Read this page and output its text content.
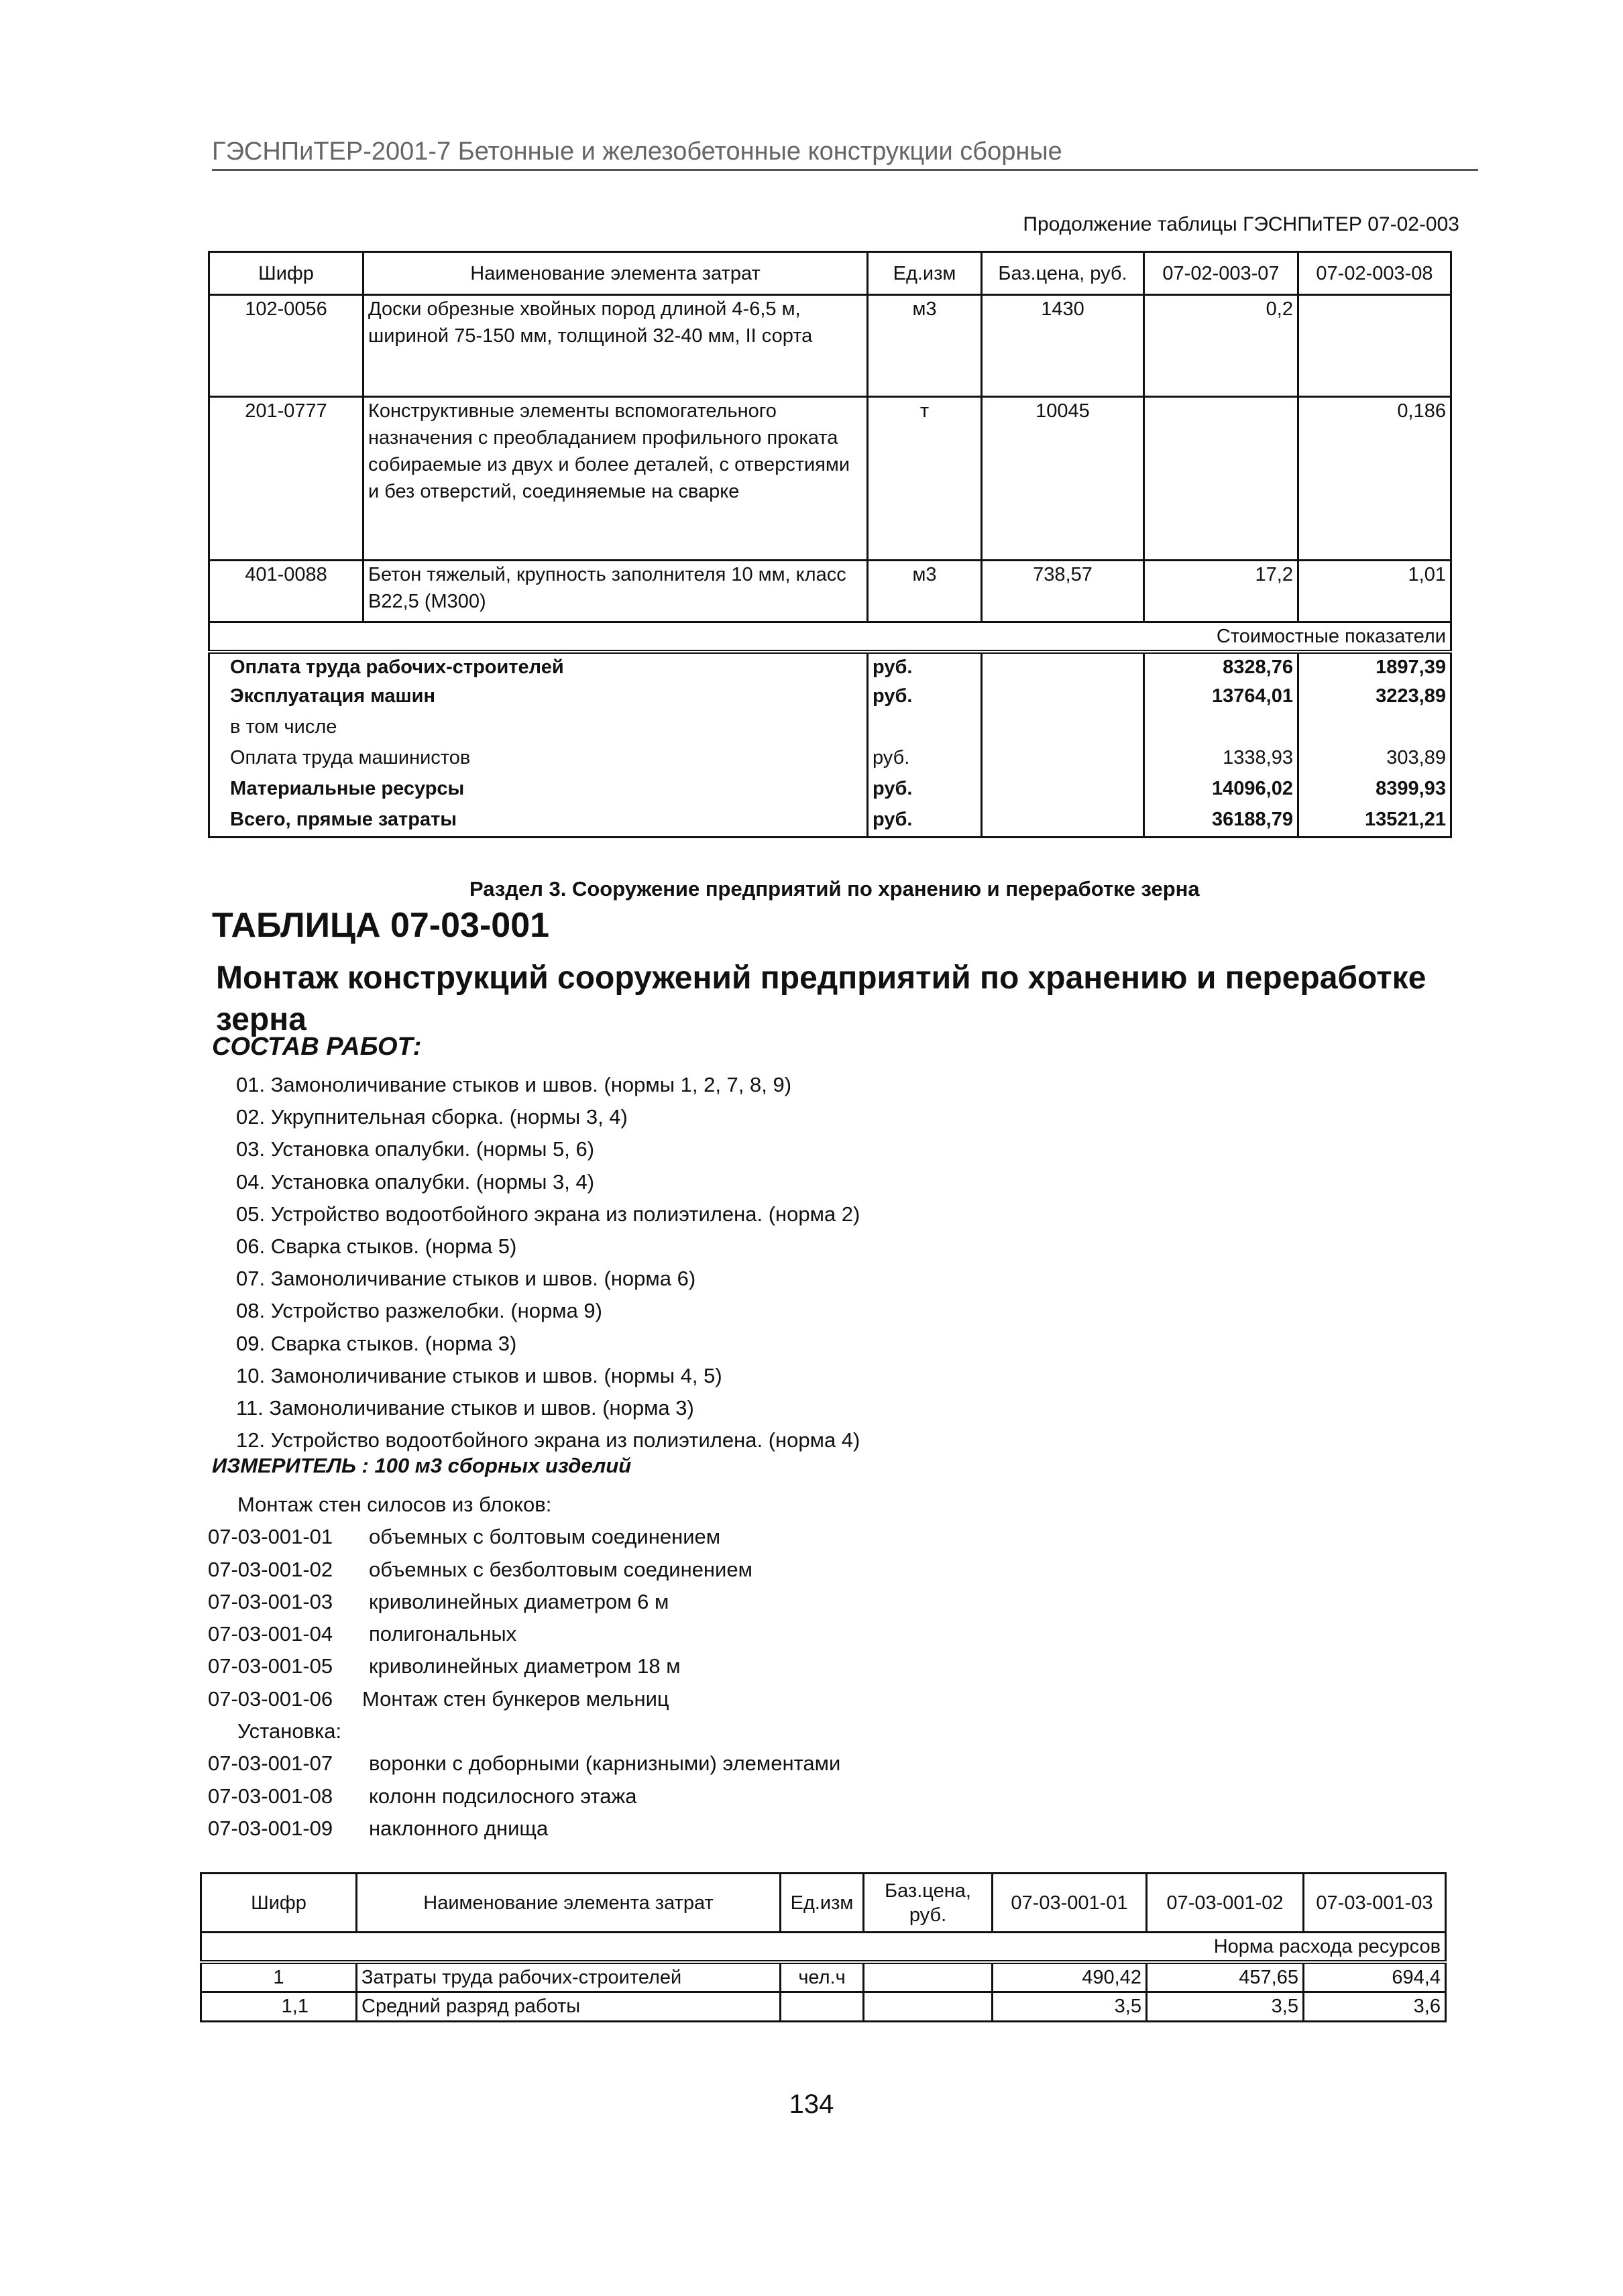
ГЭСНПиТЕР-2001-7 Бетонные и железобетонные конструкции сборные
Продолжение таблицы ГЭСНПиТЕР 07-02-003
Шифр	Наименование элемента затрат	Ед.изм	Баз.цена, руб.	07-02-003-07	07-02-003-08
102-0056	Доски обрезные хвойных пород длиной 4-6,5 м, шириной 75-150 мм, толщиной 32-40 мм, II сорта	м3	1430	0,2	
201-0777	Конструктивные элементы вспомогательного назначения с преобладанием профильного проката собираемые из двух и более деталей, с отверстиями и без отверстий, соединяемые на сварке	т	10045		0,186
401-0088	Бетон тяжелый, крупность заполнителя 10 мм, класс В22,5 (М300)	м3	738,57	17,2	1,01
Стоимостные показатели					
Оплата труда рабочих-строителей		руб.		8328,76	1897,39
Эксплуатация машин		руб.		13764,01	3223,89
в том числе					
Оплата труда машинистов		руб.		1338,93	303,89
Материальные ресурсы		руб.		14096,02	8399,93
Всего, прямые затраты		руб.		36188,79	13521,21
Раздел 3. Сооружение предприятий по хранению и переработке зерна
ТАБЛИЦА 07-03-001
Монтаж конструкций сооружений предприятий по хранению и переработке зерна
СОСТАВ РАБОТ:
01. Замоноличивание стыков и швов. (нормы 1, 2, 7, 8, 9)
02. Укрупнительная сборка. (нормы 3, 4)
03. Установка опалубки. (нормы 5, 6)
04. Установка опалубки. (нормы 3, 4)
05. Устройство водоотбойного экрана из полиэтилена. (норма 2)
06. Сварка стыков. (норма 5)
07. Замоноличивание стыков и швов. (норма 6)
08. Устройство разжелобки. (норма 9)
09. Сварка стыков. (норма 3)
10. Замоноличивание стыков и швов. (нормы 4, 5)
11. Замоноличивание стыков и швов. (норма 3)
12. Устройство водоотбойного экрана из полиэтилена. (норма 4)
ИЗМЕРИТЕЛЬ : 100 м3 сборных изделий
Монтаж стен силосов из блоков:
07-03-001-01 объемных с болтовым соединением
07-03-001-02 объемных с безболтовым соединением
07-03-001-03 криволинейных диаметром 6 м
07-03-001-04 полигональных
07-03-001-05 криволинейных диаметром 18 м
07-03-001-06 Монтаж стен бункеров мельниц
Установка:
07-03-001-07 воронки с доборными (карнизными) элементами
07-03-001-08 колонн подсилосного этажа
07-03-001-09 наклонного днища
Шифр	Наименование элемента затрат	Ед.изм	Баз.цена, руб.	07-03-001-01	07-03-001-02	07-03-001-03
Норма расхода ресурсов						
1	Затраты труда рабочих-строителей	чел.ч		490,42	457,65	694,4
1,1	Средний разряд работы			3,5	3,5	3,6
134
